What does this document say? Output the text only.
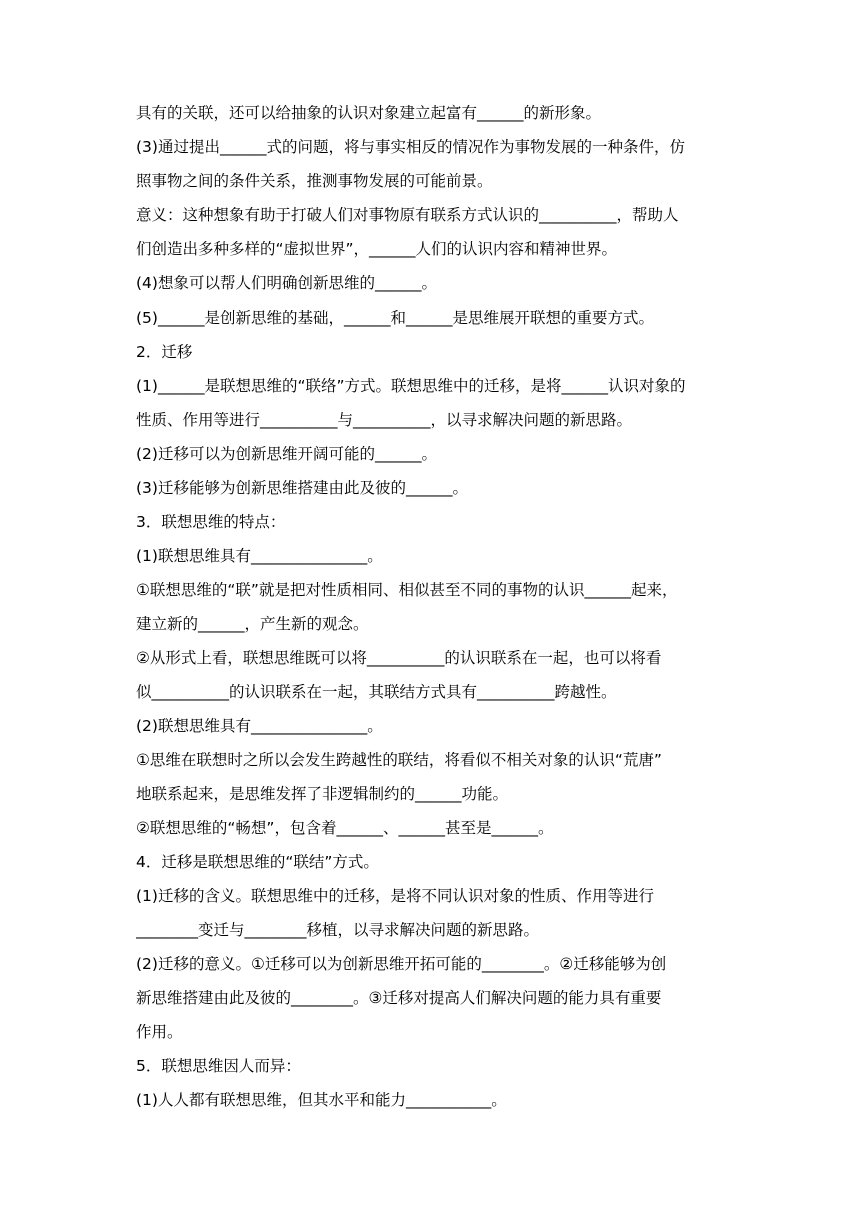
具有的关联，还可以给抽象的认识对象建立起富有______的新形象。
(3)通过提出______式的问题，将与事实相反的情况作为事物发展的一种条件，仿
照事物之间的条件关系，推测事物发展的可能前景。
意义：这种想象有助于打破人们对事物原有联系方式认识的__________，帮助人
们创造出多种多样的“虚拟世界”，______人们的认识内容和精神世界。
(4)想象可以帮人们明确创新思维的______。
(5)______是创新思维的基础，______和______是思维展开联想的重要方式。
2．迁移
(1)______是联想思维的“联络”方式。联想思维中的迁移，是将______认识对象的
性质、作用等进行__________与__________，以寻求解决问题的新思路。
(2)迁移可以为创新思维开阔可能的______。
(3)迁移能够为创新思维搭建由此及彼的______。
3．联想思维的特点：
(1)联想思维具有_______________。
①联想思维的“联”就是把对性质相同、相似甚至不同的事物的认识______起来，
建立新的______，产生新的观念。
②从形式上看，联想思维既可以将__________的认识联系在一起，也可以将看
似__________的认识联系在一起，其联结方式具有__________跨越性。
(2)联想思维具有_______________。
①思维在联想时之所以会发生跨越性的联结，将看似不相关对象的认识“荒唐”
地联系起来，是思维发挥了非逻辑制约的______功能。
②联想思维的“畅想”，包含着______、______甚至是______。
4．迁移是联想思维的“联结”方式。
(1)迁移的含义。联想思维中的迁移，是将不同认识对象的性质、作用等进行
________变迁与________移植，以寻求解决问题的新思路。
(2)迁移的意义。①迁移可以为创新思维开拓可能的________。②迁移能够为创
新思维搭建由此及彼的________。③迁移对提高人们解决问题的能力具有重要
作用。
5．联想思维因人而异：
(1)人人都有联想思维，但其水平和能力___________。
